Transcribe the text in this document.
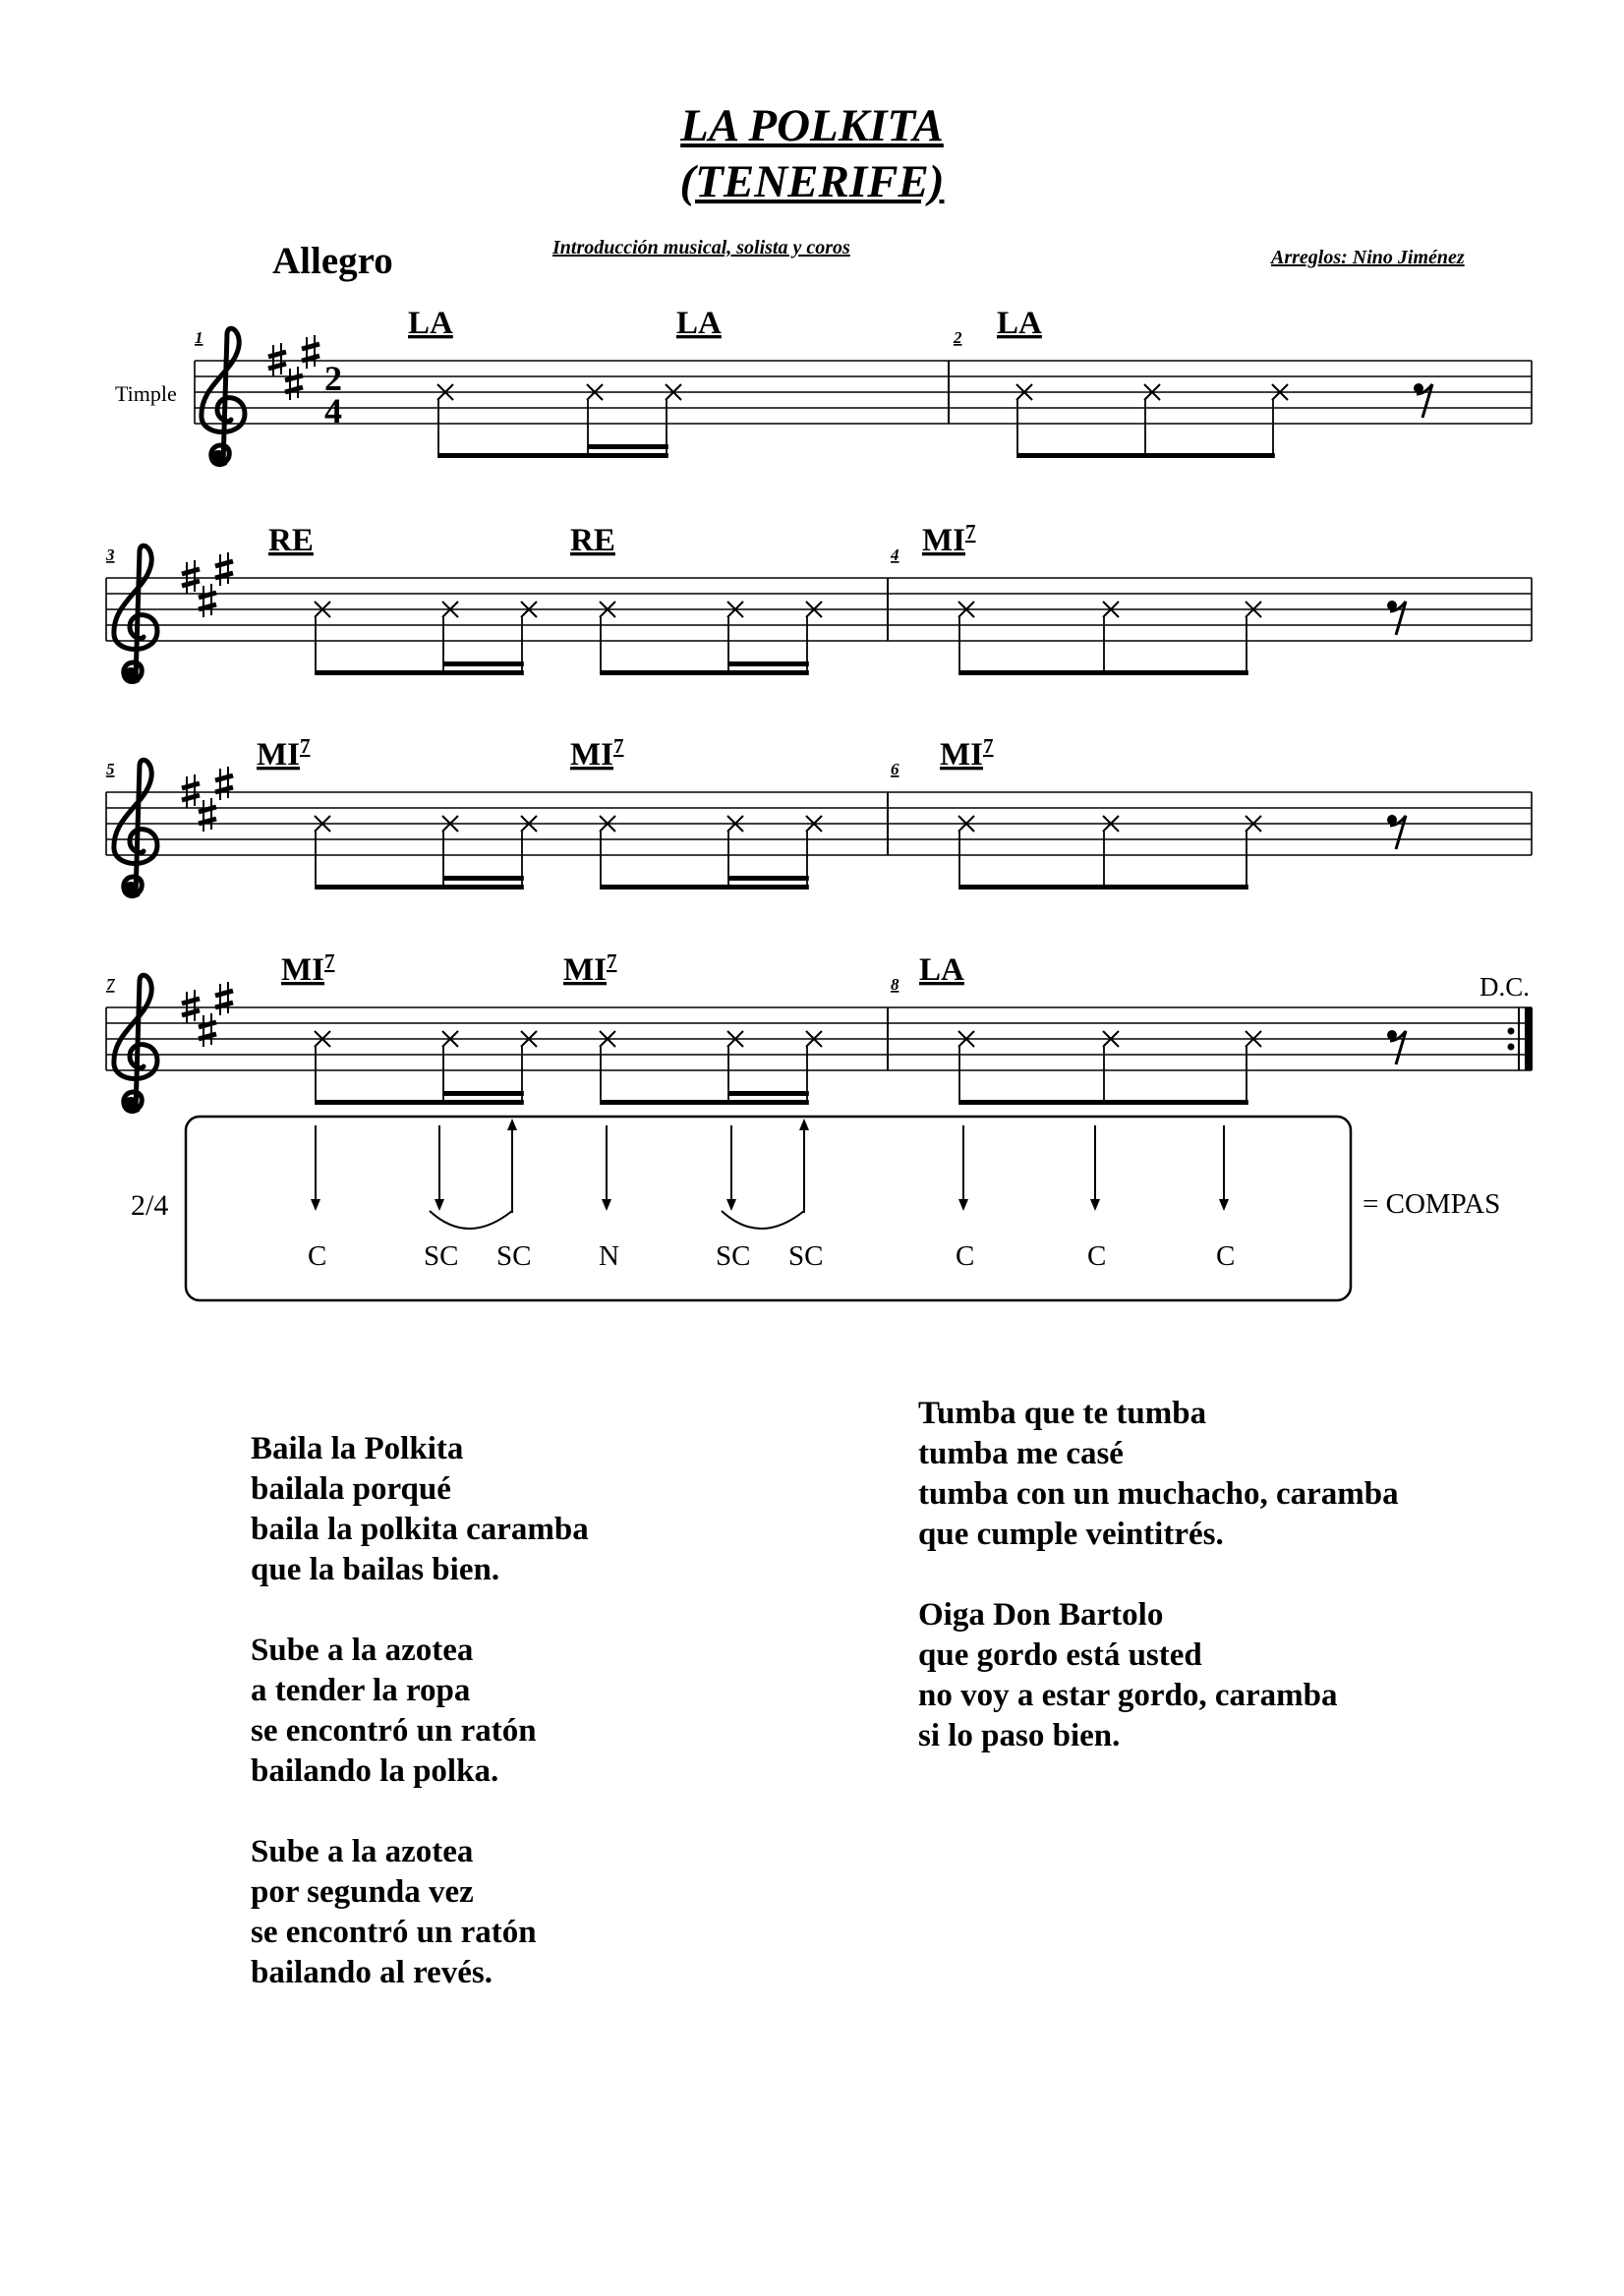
LA POLKITA
(TENERIFE)
Allegro	Introducción musical, solista y coros	Arreglos: Nino Jiménez
Timple	2
4
1	LA	LA	2 LA
3	RE	RE	4 $MI^7$
5	$MI^7$	$MI^7$
6 $MI^7$
D.C.
7	$MI^7$	$MI^7$
8 LA
C	SC SC N	SC SC	C	C	C
2/4	= COMPAS
Baila la Polkita
bailala porqué
baila la polkita caramba
que la bailas bien.
Sube a la azotea
a tender la ropa
se encontró un ratón
bailando la polka.
Sube a la azotea
por segunda vez
se encontró un ratón
bailando al revés.
Tumba que te tumba
tumba me casé
tumba con un muchacho, caramba
que cumple veintitrés.
Oiga Don Bartolo
que gordo está usted
no voy a estar gordo, caramba
si lo paso bien.
